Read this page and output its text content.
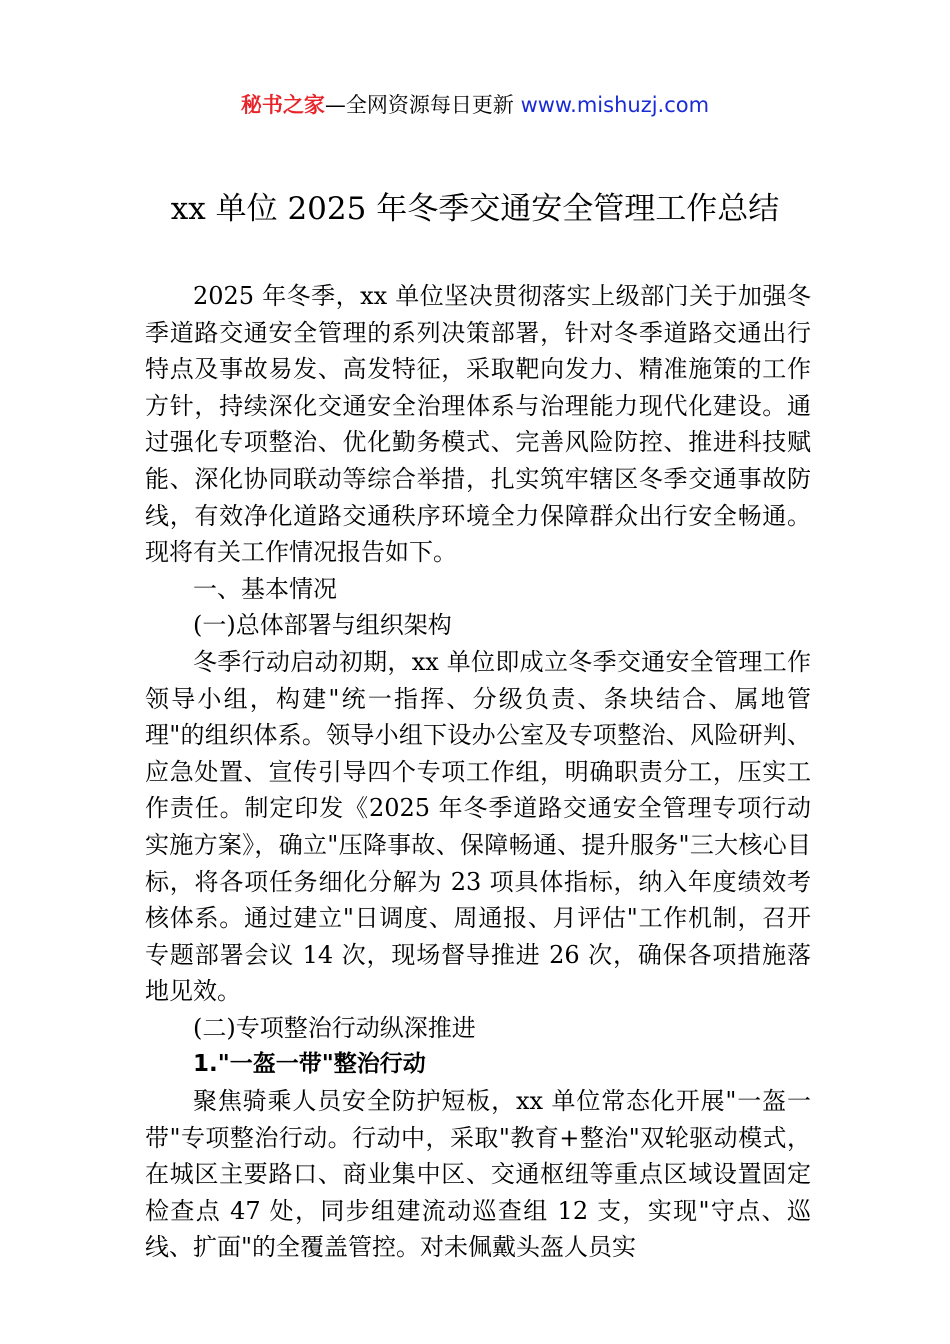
秘书之家—全网资源每日更新 www.mishuzj.com
xx 单位 2025 年冬季交通安全管理工作总结

2025 年冬季，xx 单位坚决贯彻落实上级部门关于加强冬季道路交通安全管理的系列决策部署，针对冬季道路交通出行特点及事故易发、高发特征，采取靶向发力、精准施策的工作方针，持续深化交通安全治理体系与治理能力现代化建设。通过强化专项整治、优化勤务模式、完善风险防控、推进科技赋能、深化协同联动等综合举措，扎实筑牢辖区冬季交通事故防线，有效净化道路交通秩序环境全力保障群众出行安全畅通。现将有关工作情况报告如下。

一、基本情况

(一)总体部署与组织架构

冬季行动启动初期，xx 单位即成立冬季交通安全管理工作领导小组，构建"统一指挥、分级负责、条块结合、属地管理"的组织体系。领导小组下设办公室及专项整治、风险研判、应急处置、宣传引导四个专项工作组，明确职责分工，压实工作责任。制定印发《2025 年冬季道路交通安全管理专项行动实施方案》，确立"压降事故、保障畅通、提升服务"三大核心目标，将各项任务细化分解为 23 项具体指标，纳入年度绩效考核体系。通过建立"日调度、周通报、月评估"工作机制，召开专题部署会议 14 次，现场督导推进 26 次，确保各项措施落地见效。

(二)专项整治行动纵深推进

1."一盔一带"整治行动

聚焦骑乘人员安全防护短板，xx 单位常态化开展"一盔一带"专项整治行动。行动中，采取"教育+整治"双轮驱动模式，在城区主要路口、商业集中区、交通枢纽等重点区域设置固定检查点 47 处，同步组建流动巡查组 12 支，实现"守点、巡线、扩面"的全覆盖管控。对未佩戴头盔人员实
